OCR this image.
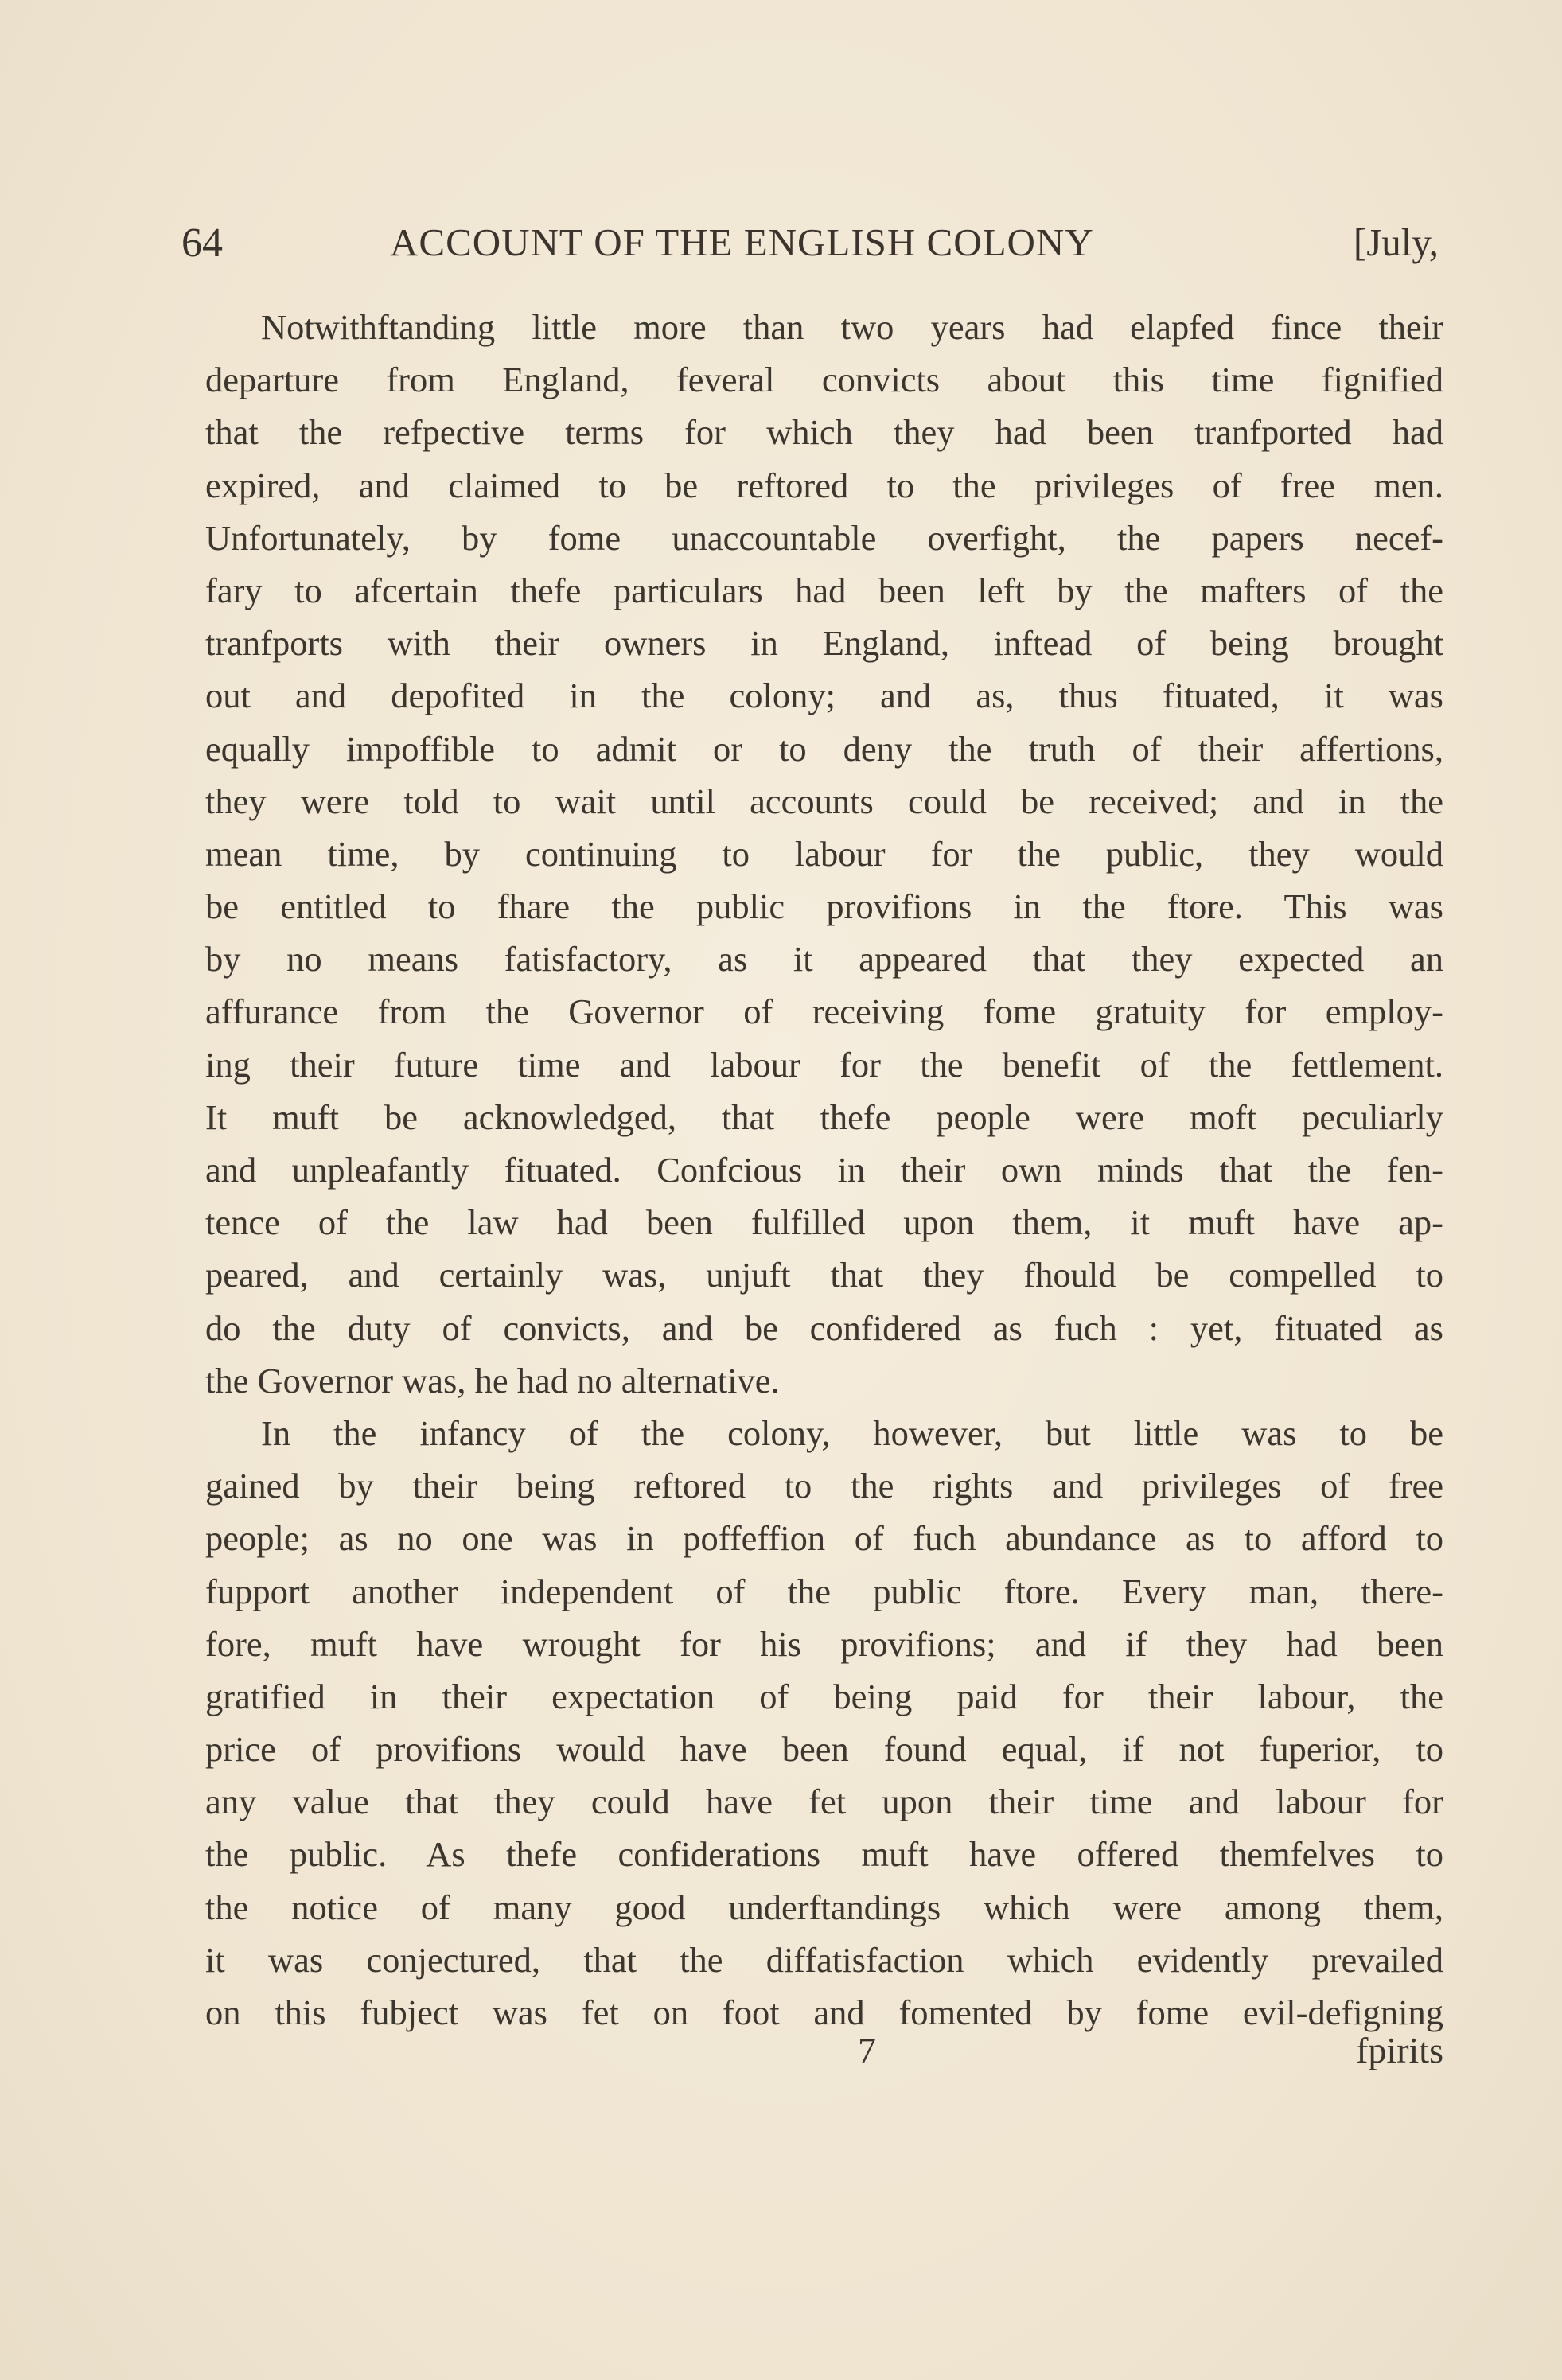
64	ACCOUNT OF THE ENGLISH COLONY	[July,
Notwithftanding little more than two years had elapfed fince their
departure from England, feveral convicts about this time fignified
that the refpective terms for which they had been tranfported had
expired, and claimed to be reftored to the privileges of free men.
Unfortunately, by fome unaccountable overfight, the papers necef-
fary to afcertain thefe particulars had been left by the mafters of the
tranfports with their owners in England, inftead of being brought
out and depofited in the colony; and as, thus fituated, it was
equally impoffible to admit or to deny the truth of their affertions,
they were told to wait until accounts could be received; and in the
mean time, by continuing to labour for the public, they would
be entitled to fhare the public provifions in the ftore. This was
by no means fatisfactory, as it appeared that they expected an
affurance from the Governor of receiving fome gratuity for employ-
ing their future time and labour for the benefit of the fettlement.
It muft be acknowledged, that thefe people were moft peculiarly
and unpleafantly fituated. Confcious in their own minds that the fen-
tence of the law had been fulfilled upon them, it muft have ap-
peared, and certainly was, unjuft that they fhould be compelled to
do the duty of convicts, and be confidered as fuch : yet, fituated as
the Governor was, he had no alternative.
In the infancy of the colony, however, but little was to be
gained by their being reftored to the rights and privileges of free
people; as no one was in poffeffion of fuch abundance as to afford to
fupport another independent of the public ftore. Every man, there-
fore, muft have wrought for his provifions; and if they had been
gratified in their expectation of being paid for their labour, the
price of provifions would have been found equal, if not fuperior, to
any value that they could have fet upon their time and labour for
the public. As thefe confiderations muft have offered themfelves to
the notice of many good underftandings which were among them,
it was conjectured, that the diffatisfaction which evidently prevailed
on this fubject was fet on foot and fomented by fome evil-defigning
7	fpirits
